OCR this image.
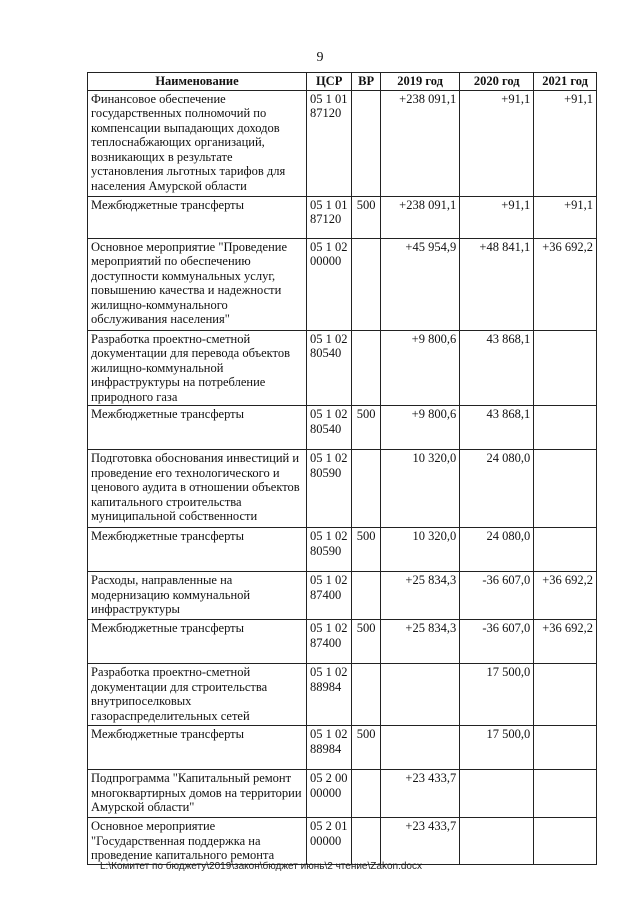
9
Наименование	ЦСР	ВР	2019 год	2020 год	2021 год
Финансовое обеспечение государственных полномочий по компенсации выпадающих доходов теплоснабжающих организаций, возникающих в результате установления льготных тарифов для населения Амурской области	05 1 01 87120		+238 091,1	+91,1	+91,1
Межбюджетные трансферты	05 1 01 87120	500	+238 091,1	+91,1	+91,1
Основное мероприятие "Проведение мероприятий по обеспечению доступности коммунальных услуг, повышению качества и надежности жилищно-коммунального обслуживания населения"	05 1 02 00000		+45 954,9	+48 841,1	+36 692,2
Разработка проектно-сметной документации для перевода объектов жилищно-коммунальной инфраструктуры на потребление природного газа	05 1 02 80540		+9 800,6	43 868,1	
Межбюджетные трансферты	05 1 02 80540	500	+9 800,6	43 868,1	
Подготовка обоснования инвестиций и проведение его технологического и ценового аудита в отношении объектов капитального строительства муниципальной собственности	05 1 02 80590		10 320,0	24 080,0	
Межбюджетные трансферты	05 1 02 80590	500	10 320,0	24 080,0	
Расходы, направленные на модернизацию коммунальной инфраструктуры	05 1 02 87400		+25 834,3	-36 607,0	+36 692,2
Межбюджетные трансферты	05 1 02 87400	500	+25 834,3	-36 607,0	+36 692,2
Разработка проектно-сметной документации для строительства внутрипоселковых газораспределительных сетей	05 1 02 88984			17 500,0	
Межбюджетные трансферты	05 1 02 88984	500		17 500,0	
Подпрограмма "Капитальный ремонт многоквартирных домов на территории Амурской области"	05 2 00 00000		+23 433,7		
Основное мероприятие "Государственная поддержка на проведение капитального ремонта	05 2 01 00000		+23 433,7		
L:\Комитет по бюджету\2019\закон\бюджет июнь\2 чтение\Zakon.docx
